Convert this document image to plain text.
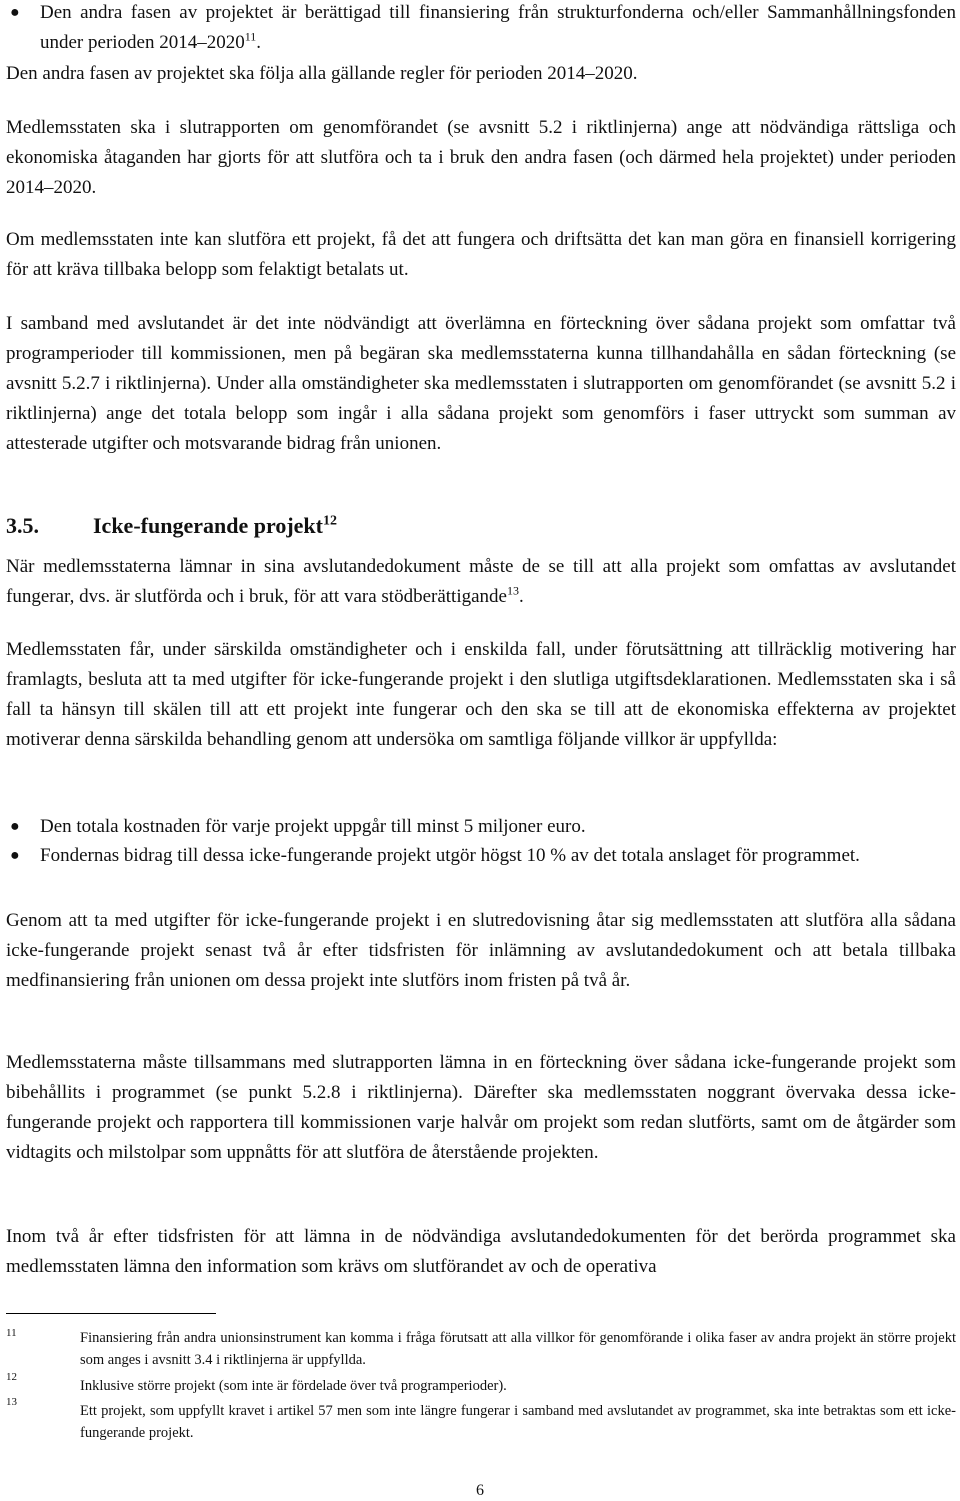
● Den andra fasen av projektet är berättigad till finansiering från strukturfonderna och/eller Sammanhållningsfonden under perioden 2014–2020$^{11}$.

Den andra fasen av projektet ska följa alla gällande regler för perioden 2014–2020.

Medlemsstaten ska i slutrapporten om genomförandet (se avsnitt 5.2 i riktlinjerna) ange att nödvändiga rättsliga och ekonomiska åtaganden har gjorts för att slutföra och ta i bruk den andra fasen (och därmed hela projektet) under perioden 2014–2020.

Om medlemsstaten inte kan slutföra ett projekt, få det att fungera och driftsätta det kan man göra en finansiell korrigering för att kräva tillbaka belopp som felaktigt betalats ut.

I samband med avslutandet är det inte nödvändigt att överlämna en förteckning över sådana projekt som omfattar två programperioder till kommissionen, men på begäran ska medlemsstaterna kunna tillhandahålla en sådan förteckning (se avsnitt 5.2.7 i riktlinjerna). Under alla omständigheter ska medlemsstaten i slutrapporten om genomförandet (se avsnitt 5.2 i riktlinjerna) ange det totala belopp som ingår i alla sådana projekt som genomförs i faser uttryckt som summan av attesterade utgifter och motsvarande bidrag från unionen.

3.5. Icke-fungerande projekt$^{12}$

När medlemsstaterna lämnar in sina avslutandedokument måste de se till att alla projekt som omfattas av avslutandet fungerar, dvs. är slutförda och i bruk, för att vara stödberättigande$^{13}$.

Medlemsstaten får, under särskilda omständigheter och i enskilda fall, under förutsättning att tillräcklig motivering har framlagts, besluta att ta med utgifter för icke-fungerande projekt i den slutliga utgiftsdeklarationen. Medlemsstaten ska i så fall ta hänsyn till skälen till att ett projekt inte fungerar och den ska se till att de ekonomiska effekterna av projektet motiverar denna särskilda behandling genom att undersöka om samtliga följande villkor är uppfyllda:

● Den totala kostnaden för varje projekt uppgår till minst 5 miljoner euro.

● Fondernas bidrag till dessa icke-fungerande projekt utgör högst 10 % av det totala anslaget för programmet.

Genom att ta med utgifter för icke-fungerande projekt i en slutredovisning åtar sig medlemsstaten att slutföra alla sådana icke-fungerande projekt senast två år efter tidsfristen för inlämning av avslutandedokument och att betala tillbaka medfinansiering från unionen om dessa projekt inte slutförs inom fristen på två år.

Medlemsstaterna måste tillsammans med slutrapporten lämna in en förteckning över sådana icke-fungerande projekt som bibehållits i programmet (se punkt 5.2.8 i riktlinjerna). Därefter ska medlemsstaten noggrant övervaka dessa icke-fungerande projekt och rapportera till kommissionen varje halvår om projekt som redan slutförts, samt om de åtgärder som vidtagits och milstolpar som uppnåtts för att slutföra de återstående projekten.

Inom två år efter tidsfristen för att lämna in de nödvändiga avslutandedokumenten för det berörda programmet ska medlemsstaten lämna den information som krävs om slutförandet av och de operativa

11	Finansiering från andra unionsinstrument kan komma i fråga förutsatt att alla villkor för genomförande i olika faser av andra projekt än större projekt som anges i avsnitt 3.4 i riktlinjerna är uppfyllda.

12

Inklusive större projekt (som inte är fördelade över två programperioder).

13

Ett projekt, som uppfyllt kravet i artikel 57 men som inte längre fungerar i samband med avslutandet av programmet, ska inte betraktas som ett icke-fungerande projekt.

6
